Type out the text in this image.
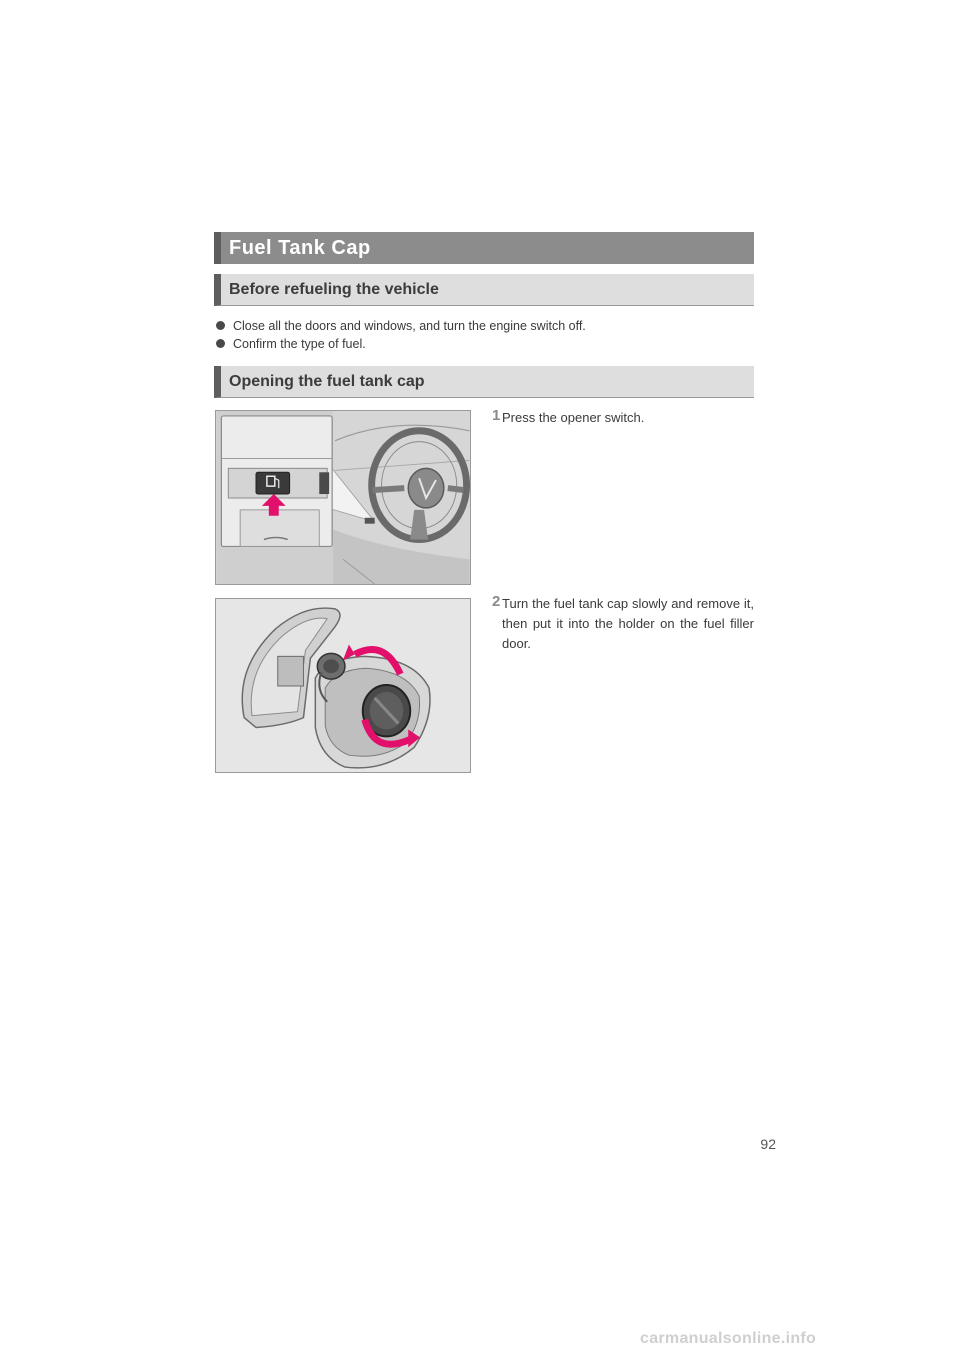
Fuel Tank Cap
Before refueling the vehicle
Close all the doors and windows, and turn the engine switch off.
Confirm the type of fuel.
Opening the fuel tank cap
1 Press the opener switch.
2 Turn the fuel tank cap slowly and remove it, then put it into the holder on the fuel filler door.
92
carmanualsonline.info
